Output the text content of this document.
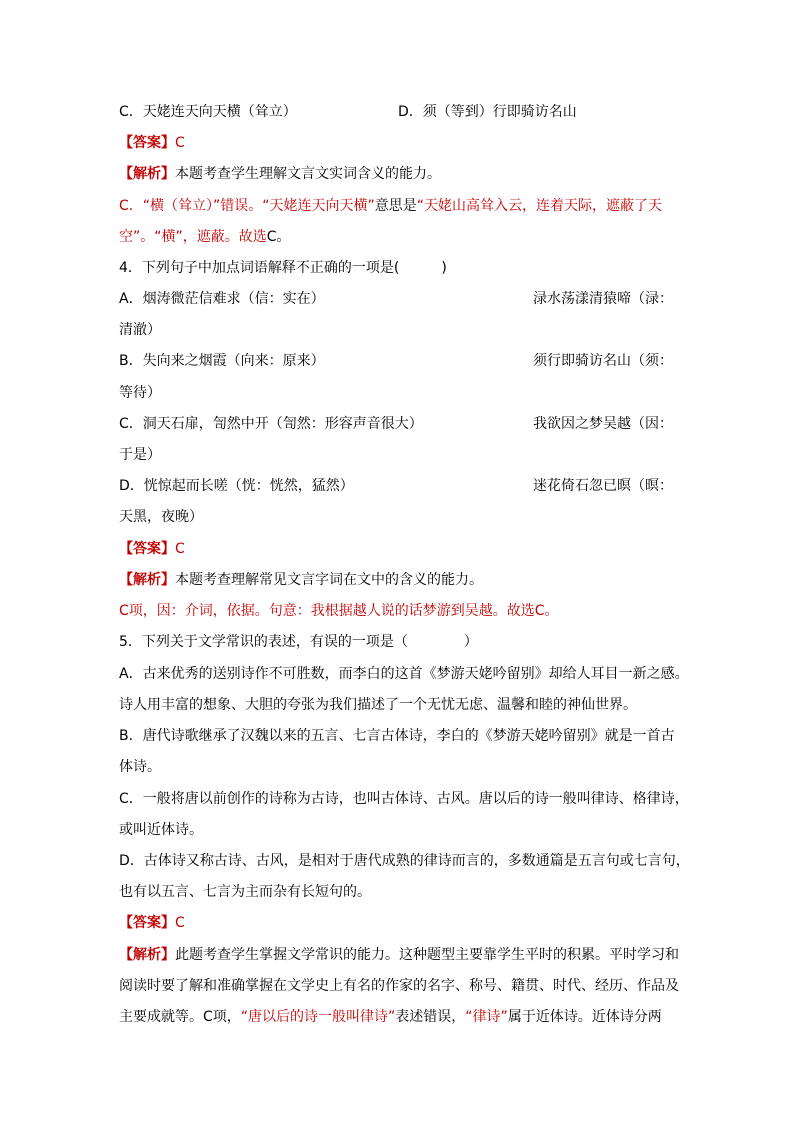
C．天姥连天向天横（耸立）	D．须（等到）行即骑访名山
【答案】C
【解析】本题考查学生理解文言文实词含义的能力。
C．“横（耸立）”错误。“天姥连天向天横”意思是“天姥山高耸入云，连着天际，遮蔽了天
空”。“横”，遮蔽。故选C。
4．下列句子中加点词语解释不正确的一项是(　　　)
A．烟涛微茫信难求（信：实在）	渌水荡漾清猿啼（渌：
清澈）
B．失向来之烟霞（向来：原来）	须行即骑访名山（须：
等待）
C．洞天石扉，訇然中开（訇然：形容声音很大）	我欲因之梦吴越（因：
于是）
D．恍惊起而长嗟（恍：恍然，猛然）	迷花倚石忽已暝（暝：
天黑，夜晚）
【答案】C
【解析】本题考查理解常见文言字词在文中的含义的能力。
C项，因：介词，依据。句意：我根据越人说的话梦游到吴越。故选C。
5．下列关于文学常识的表述，有误的一项是（　　　　）
A．古来优秀的送别诗作不可胜数，而李白的这首《梦游天姥吟留别》却给人耳目一新之感。
诗人用丰富的想象、大胆的夸张为我们描述了一个无忧无虑、温馨和睦的神仙世界。
B．唐代诗歌继承了汉魏以来的五言、七言古体诗，李白的《梦游天姥吟留别》就是一首古
体诗。
C．一般将唐以前创作的诗称为古诗，也叫古体诗、古风。唐以后的诗一般叫律诗、格律诗，
或叫近体诗。
D．古体诗又称古诗、古风，是相对于唐代成熟的律诗而言的，多数通篇是五言句或七言句，
也有以五言、七言为主而杂有长短句的。
【答案】C
【解析】此题考查学生掌握文学常识的能力。这种题型主要靠学生平时的积累。平时学习和
阅读时要了解和准确掌握在文学史上有名的作家的名字、称号、籍贯、时代、经历、作品及
主要成就等。C项，“唐以后的诗一般叫律诗”表述错误，“律诗”属于近体诗。近体诗分两
